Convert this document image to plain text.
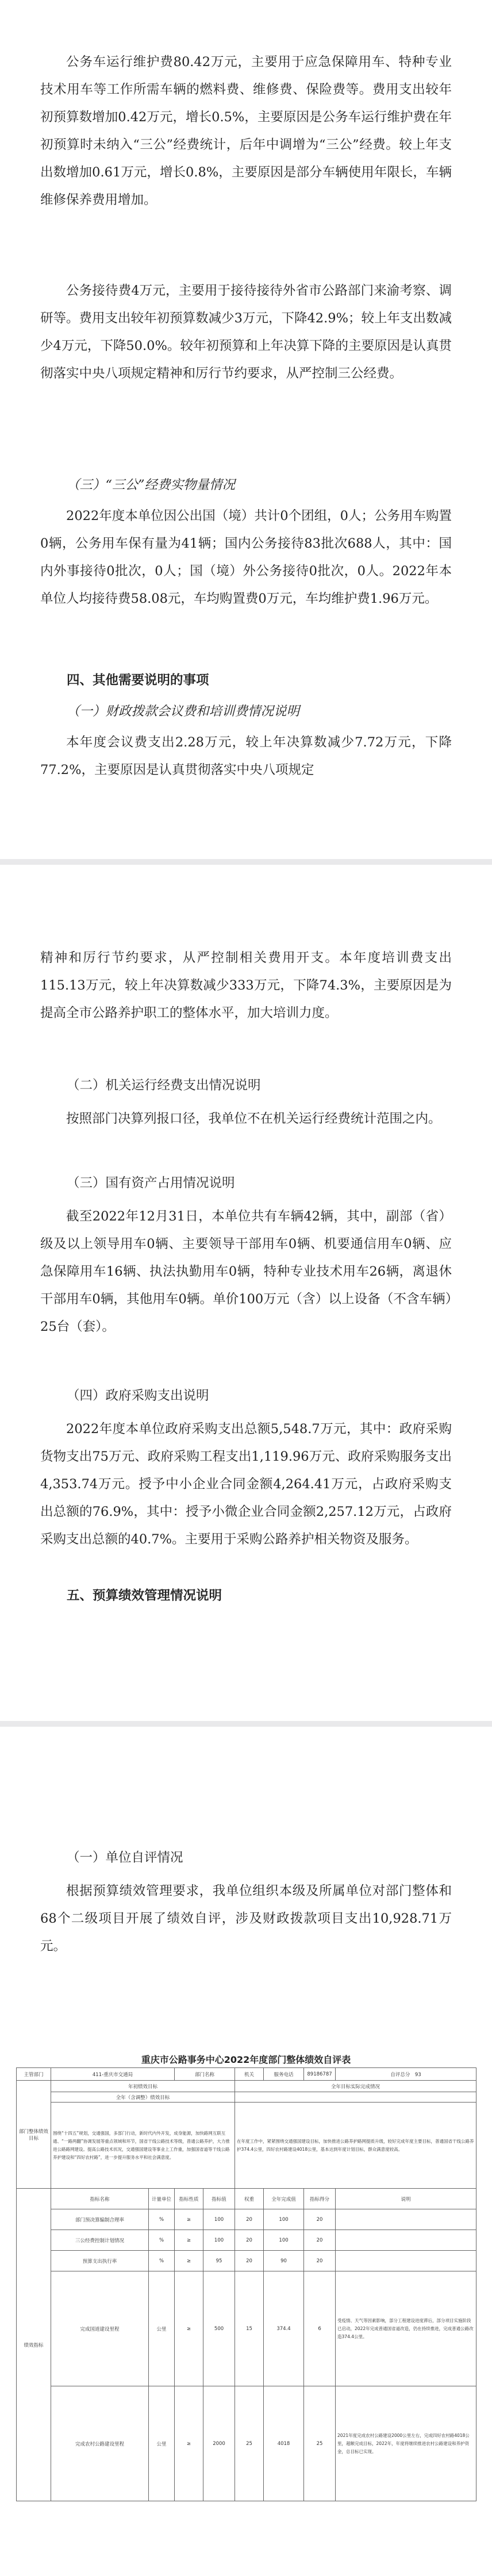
公务车运行维护费80.42万元，主要用于应急保障用车、特种专业技术用车等工作所需车辆的燃料费、维修费、保险费等。费用支出较年初预算数增加0.42万元，增长0.5%，主要原因是公务车运行维护费在年初预算时未纳入“三公”经费统计，后年中调增为“三公”经费。较上年支出数增加0.61万元，增长0.8%，主要原因是部分车辆使用年限长，车辆维修保养费用增加。

公务接待费4万元，主要用于接待接待外省市公路部门来渝考察、调研等。费用支出较年初预算数减少3万元，下降42.9%；较上年支出数减少4万元，下降50.0%。较年初预算和上年决算下降的主要原因是认真贯彻落实中央八项规定精神和厉行节约要求，从严控制三公经费。

（三）“三公”经费实物量情况

2022年度本单位因公出国（境）共计0个团组，0人；公务用车购置0辆，公务用车保有量为41辆；国内公务接待83批次688人，其中：国内外事接待0批次，0人；国（境）外公务接待0批次，0人。2022年本单位人均接待费58.08元，车均购置费0万元，车均维护费1.96万元。

四、其他需要说明的事项

（一）财政拨款会议费和培训费情况说明

本年度会议费支出2.28万元，较上年决算数减少7.72万元，下降77.2%，主要原因是认真贯彻落实中央八项规定

精神和厉行节约要求，从严控制相关费用开支。本年度培训费支出115.13万元，较上年决算数减少333万元，下降74.3%，主要原因是为提高全市公路养护职工的整体水平，加大培训力度。

（二）机关运行经费支出情况说明

按照部门决算列报口径，我单位不在机关运行经费统计范围之内。

（三）国有资产占用情况说明

截至2022年12月31日，本单位共有车辆42辆，其中，副部（省）级及以上领导用车0辆、主要领导干部用车0辆、机要通信用车0辆、应急保障用车16辆、执法执勤用车0辆，特种专业技术用车26辆，离退休干部用车0辆，其他用车0辆。单价100万元（含）以上设备（不含车辆）25台（套）。

（四）政府采购支出说明

2022年度本单位政府采购支出总额5,548.7万元，其中：政府采购货物支出75万元、政府采购工程支出1,119.96万元、政府采购服务支出4,353.74万元。授予中小企业合同金额4,264.41万元，占政府采购支出总额的76.9%，其中：授予小微企业合同金额2,257.12万元，占政府采购支出总额的40.7%。主要用于采购公路养护相关物资及服务。

五、预算绩效管理情况说明

（一）单位自评情况

根据预算绩效管理要求，我单位组织本级及所属单位对部门整体和68个二级项目开展了绩效自评，涉及财政拨款项目支出10,928.71万元。

重庆市公路事务中心2022年度部门整体绩效自评表

主管部门	411-重庆市交通局		部门名称		机关	服务电话	89186787	自评总分　 93
部门整体绩效目标	年初绩效目标				全年目标实际完成情况			
	全年（含调整）绩效目标							
	围绕“十四五”规划，交通强国，多部门行动，新时代内外开发，成身能源，加快路网互联互通、“一路两翻”协调发展等重点领域和环节，国省干线公路技术等级，普通公路养护，大力推进公路路网建设。提高公路技术状况，交通强国建设等事业上工作重，加强国省道等干线公路养护建设和“四好农村路”，进一步提升服务水平和社会满意度。				在年度工作中，紧紧围绕交通强国建设目标，加快推进公路养护路网提质升级，较好完成年度主要目标，普通国省干线公路养护374.4公里，四好农村路建设4018公里，基本达到年度计划目标，群众满意度较高。			
绩效指标	指标名称	计量单位	指标性质	指标值	权重	全年完成值	指标得分	说明
	部门预决算编制合理率	%	≥	100	20	100	20	
	三公经费控制计划情况	%	≥	100	20	100	20	
	预算支出执行率	%	≥	95	20	90	20	
	完成国道建设里程	公里	≥	500	15	374.4	6	受疫情、天气等因素影响，部分工程建设进度滞后，部分项目实施阶段已启动，2022年完成普通国省道改造，仍在持续推进，完成普通公路改造374.4公里。
	完成农村公路建设里程	公里	≥	2000	25	4018	25	2021年度完成农村公路建设2000公里左右，完成四好农村路4018公里，超额完成目标，2022年，年度将继续推进农村公路建设和养护资金，总目标已实现。
